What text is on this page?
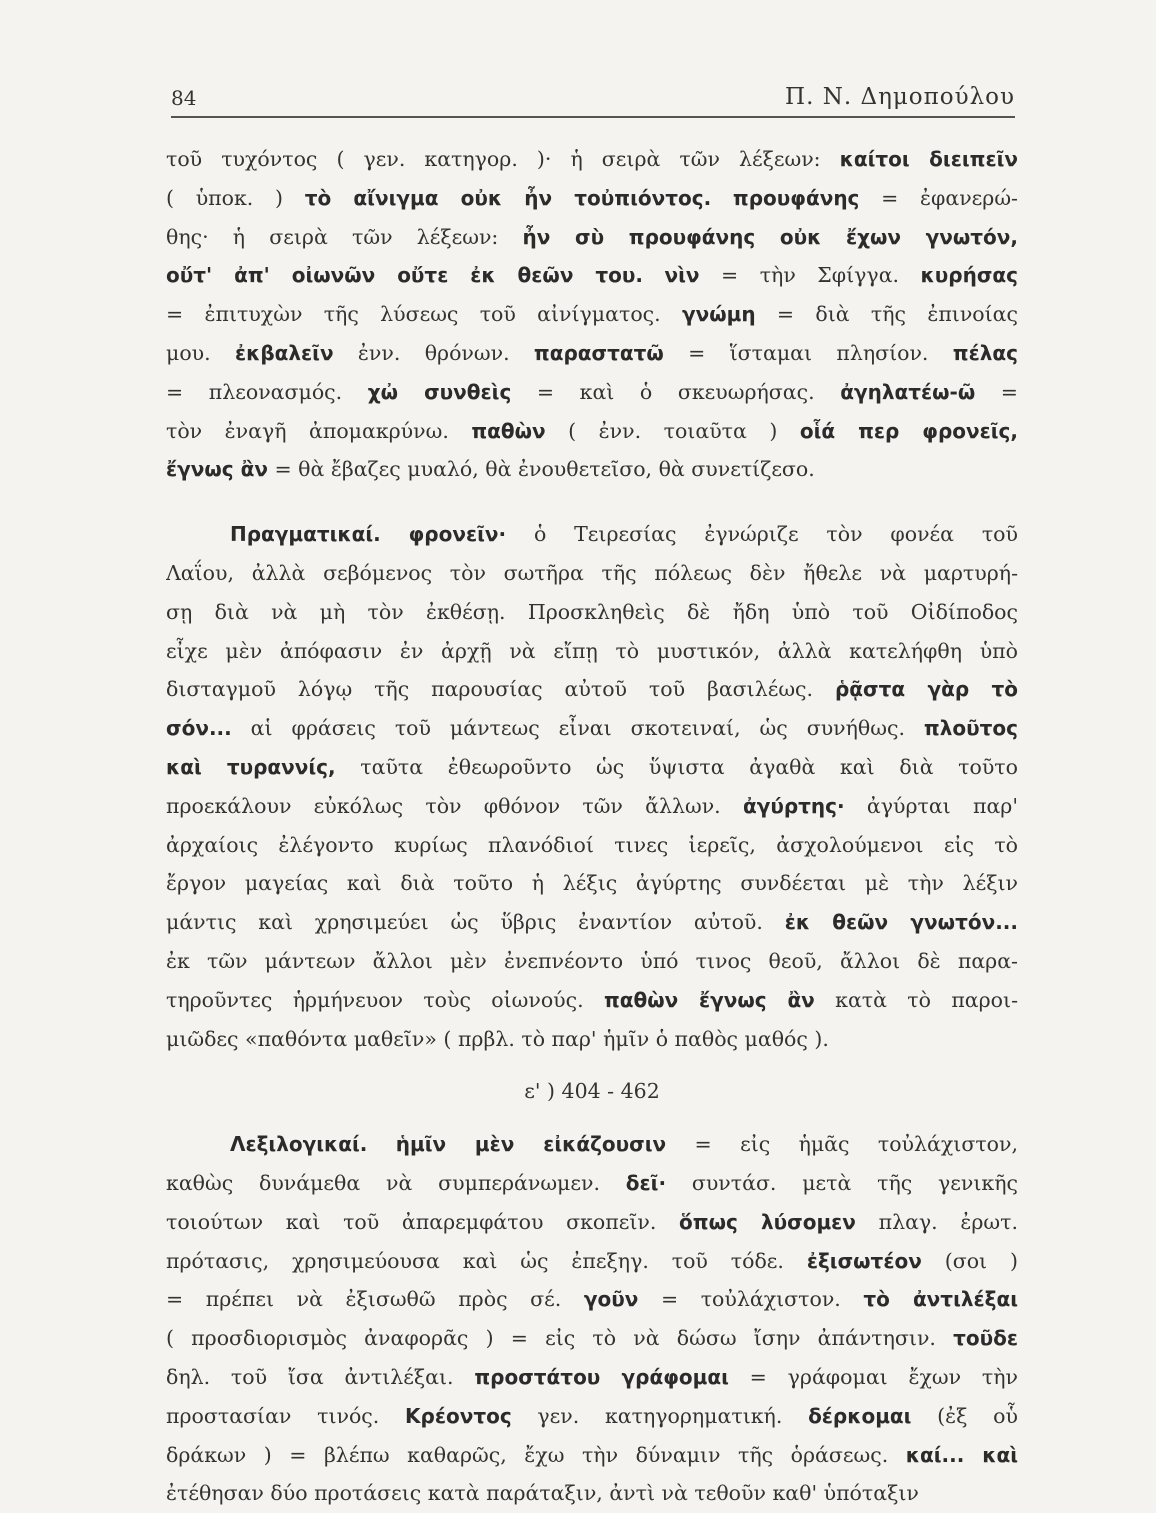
84	Π. Ν. Δημοπούλου
τοῦ τυχόντος ( γεν. κατηγορ. )· ἡ σειρὰ τῶν λέξεων: καίτοι διειπεῖν
( ὑποκ. ) τὸ αἴνιγμα οὐκ ἦν τοὐπιόντος. προυφάνης = ἐφανερώ-
θης· ἡ σειρὰ τῶν λέξεων: ἦν σὺ προυφάνης οὐκ ἔχων γνωτόν,
οὔτ' ἀπ' οἰωνῶν οὔτε ἐκ θεῶν του. νὶν = τὴν Σφίγγα. κυρήσας
= ἐπιτυχὼν τῆς λύσεως τοῦ αἰνίγματος. γνώμη = διὰ τῆς ἐπινοίας
μου. ἐκβαλεῖν ἐνν. θρόνων. παραστατῶ = ἵσταμαι πλησίον. πέλας
= πλεονασμός. χὠ συνθεὶς = καὶ ὁ σκευωρήσας. ἀγηλατέω-ῶ =
τὸν ἐναγῆ ἀπομακρύνω. παθὼν ( ἐνν. τοιαῦτα ) οἷά περ φρονεῖς,
ἔγνως ἂν = θὰ ἔβαζες μυαλό, θὰ ἐνουθετεῖσο, θὰ συνετίζεσο.
Πραγματικαί. φρονεῖν· ὁ Τειρεσίας ἐγνώριζε τὸν φονέα τοῦ
Λαΐου, ἀλλὰ σεβόμενος τὸν σωτῆρα τῆς πόλεως δὲν ἤθελε νὰ μαρτυρή-
σῃ διὰ νὰ μὴ τὸν ἐκθέσῃ. Προσκληθεὶς δὲ ἤδη ὑπὸ τοῦ Οἰδίποδος
εἶχε μὲν ἀπόφασιν ἐν ἀρχῇ νὰ εἴπῃ τὸ μυστικόν, ἀλλὰ κατελήφθη ὑπὸ
δισταγμοῦ λόγῳ τῆς παρουσίας αὐτοῦ τοῦ βασιλέως. ῥᾷστα γὰρ τὸ
σόν... αἱ φράσεις τοῦ μάντεως εἶναι σκοτειναί, ὡς συνήθως. πλοῦτος
καὶ τυραννίς, ταῦτα ἐθεωροῦντο ὡς ὕψιστα ἀγαθὰ καὶ διὰ τοῦτο
προεκάλουν εὐκόλως τὸν φθόνον τῶν ἄλλων. ἀγύρτης· ἀγύρται παρ'
ἀρχαίοις ἐλέγοντο κυρίως πλανόδιοί τινες ἱερεῖς, ἀσχολούμενοι εἰς τὸ
ἔργον μαγείας καὶ διὰ τοῦτο ἡ λέξις ἀγύρτης συνδέεται μὲ τὴν λέξιν
μάντις καὶ χρησιμεύει ὡς ὕβρις ἐναντίον αὐτοῦ. ἐκ θεῶν γνωτόν...
ἐκ τῶν μάντεων ἄλλοι μὲν ἐνεπνέοντο ὑπό τινος θεοῦ, ἄλλοι δὲ παρα-
τηροῦντες ἡρμήνευον τοὺς οἰωνούς. παθὼν ἔγνως ἂν κατὰ τὸ παροι-
μιῶδες «παθόντα μαθεῖν» ( πρβλ. τὸ παρ' ἡμῖν ὁ παθὸς μαθός ).
ε' ) 404 - 462
Λεξιλογικαί. ἡμῖν μὲν εἰκάζουσιν = εἰς ἡμᾶς τοὐλάχιστον,
καθὼς δυνάμεθα νὰ συμπεράνωμεν. δεῖ· συντάσ. μετὰ τῆς γενικῆς
τοιούτων καὶ τοῦ ἀπαρεμφάτου σκοπεῖν. ὅπως λύσομεν πλαγ. ἐρωτ.
πρότασις, χρησιμεύουσα καὶ ὡς ἐπεξηγ. τοῦ τόδε. ἐξισωτέον (σοι )
= πρέπει νὰ ἐξισωθῶ πρὸς σέ. γοῦν = τοὐλάχιστον. τὸ ἀντιλέξαι
( προσδιορισμὸς ἀναφορᾶς ) = εἰς τὸ νὰ δώσω ἴσην ἀπάντησιν. τοῦδε
δηλ. τοῦ ἴσα ἀντιλέξαι. προστάτου γράφομαι = γράφομαι ἔχων τὴν
προστασίαν τινός. Κρέοντος γεν. κατηγορηματική. δέρκομαι (ἐξ οὗ
δράκων ) = βλέπω καθαρῶς, ἔχω τὴν δύναμιν τῆς ὁράσεως. καί... καὶ
ἐτέθησαν δύο προτάσεις κατὰ παράταξιν, ἀντὶ νὰ τεθοῦν καθ' ὑπόταξιν
